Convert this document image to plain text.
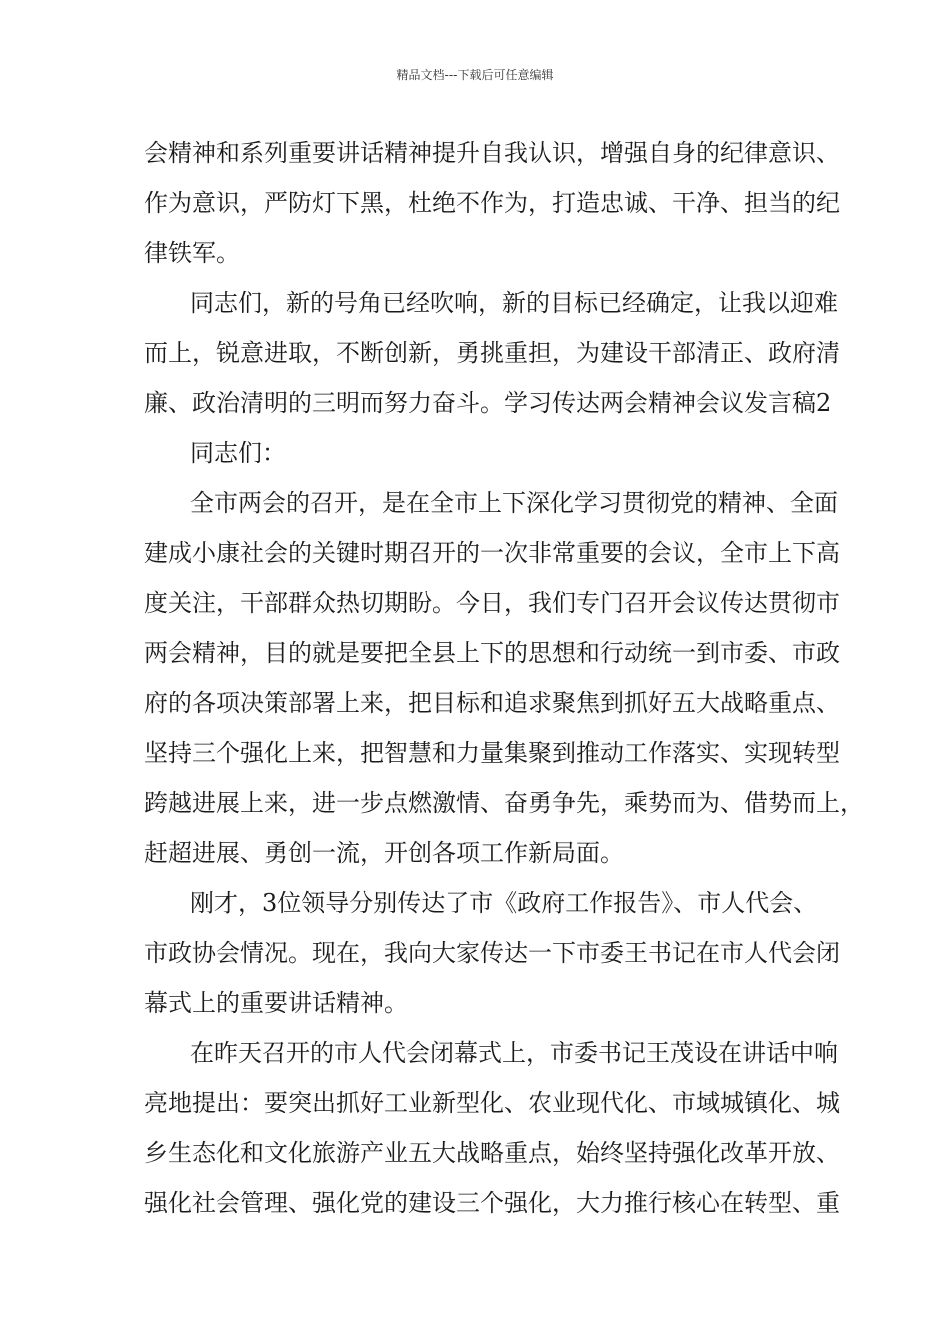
精品文档---下载后可任意编辑
会精神和系列重要讲话精神提升自我认识，增强自身的纪律意识、
作为意识，严防灯下黑，杜绝不作为，打造忠诚、干净、担当的纪
律铁军。
同志们，新的号角已经吹响，新的目标已经确定，让我以迎难
而上，锐意进取，不断创新，勇挑重担，为建设干部清正、政府清
廉、政治清明的三明而努力奋斗。学习传达两会精神会议发言稿2
同志们：
全市两会的召开，是在全市上下深化学习贯彻党的精神、全面
建成小康社会的关键时期召开的一次非常重要的会议，全市上下高
度关注，干部群众热切期盼。今日，我们专门召开会议传达贯彻市
两会精神，目的就是要把全县上下的思想和行动统一到市委、市政
府的各项决策部署上来，把目标和追求聚焦到抓好五大战略重点、
坚持三个强化上来，把智慧和力量集聚到推动工作落实、实现转型
跨越进展上来，进一步点燃激情、奋勇争先，乘势而为、借势而上，
赶超进展、勇创一流，开创各项工作新局面。
刚才，3位领导分别传达了市《政府工作报告》、市人代会、
市政协会情况。现在，我向大家传达一下市委王书记在市人代会闭
幕式上的重要讲话精神。
在昨天召开的市人代会闭幕式上，市委书记王茂设在讲话中响
亮地提出：要突出抓好工业新型化、农业现代化、市域城镇化、城
乡生态化和文化旅游产业五大战略重点，始终坚持强化改革开放、
强化社会管理、强化党的建设三个强化，大力推行核心在转型、重
